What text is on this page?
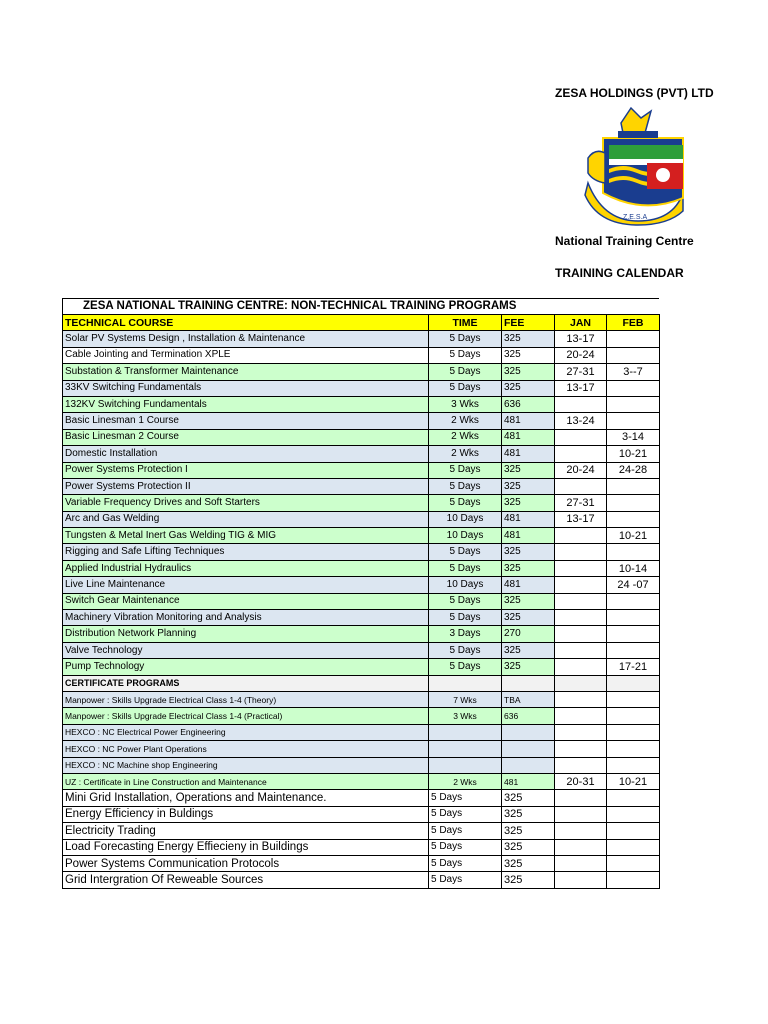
ZESA HOLDINGS (PVT) LTD
Z.E.S.A
National Training Centre
TRAINING CALENDAR
ZESA NATIONAL TRAINING CENTRE: NON-TECHNICAL TRAINING PROGRAMS
TECHNICAL COURSE	TIME	FEE	JAN	FEB
Solar PV Systems Design , Installation & Maintenance	5 Days	325	13-17	
Cable Jointing and Termination XPLE	5 Days	325	20-24	
Substation & Transformer Maintenance	5 Days	325	27-31	3--7
33KV Switching Fundamentals	5 Days	325	13-17	
132KV Switching Fundamentals	3 Wks	636		
Basic Linesman 1 Course	2 Wks	481	13-24	
Basic Linesman 2 Course	2 Wks	481		3-14
Domestic Installation	2 Wks	481		10-21
Power Systems Protection I	5 Days	325	20-24	24-28
Power Systems Protection II	5 Days	325		
Variable Frequency Drives and Soft Starters	5 Days	325	27-31	
Arc and Gas Welding	10 Days	481	13-17	
Tungsten & Metal Inert Gas Welding TIG & MIG	10 Days	481		10-21
Rigging and Safe Lifting Techniques	5 Days	325		
Applied Industrial Hydraulics	5 Days	325		10-14
Live Line Maintenance	10 Days	481		24 -07
Switch Gear Maintenance	5 Days	325		
Machinery Vibration Monitoring and Analysis	5 Days	325		
Distribution Network Planning	3 Days	270		
Valve Technology	5 Days	325		
Pump Technology	5 Days	325		17-21
CERTIFICATE PROGRAMS				
Manpower : Skills Upgrade Electrical Class 1-4 (Theory)	7 Wks	TBA		
Manpower : Skills Upgrade Electrical Class 1-4 (Practical)	3 Wks	636		
HEXCO : NC Electrical Power Engineering				
HEXCO : NC Power Plant Operations				
HEXCO : NC Machine shop Engineering				
UZ : Certificate in Line Construction and Maintenance	2 Wks	481	20-31	10-21
Mini Grid Installation, Operations and Maintenance.	5 Days	325		
Energy Efficiency in Buldings	5 Days	325		
Electricity Trading	5 Days	325		
Load Forecasting Energy Effiecieny in Buildings	5 Days	325		
Power Systems Communication Protocols	5 Days	325		
Grid Intergration Of Reweable Sources	5 Days	325		
